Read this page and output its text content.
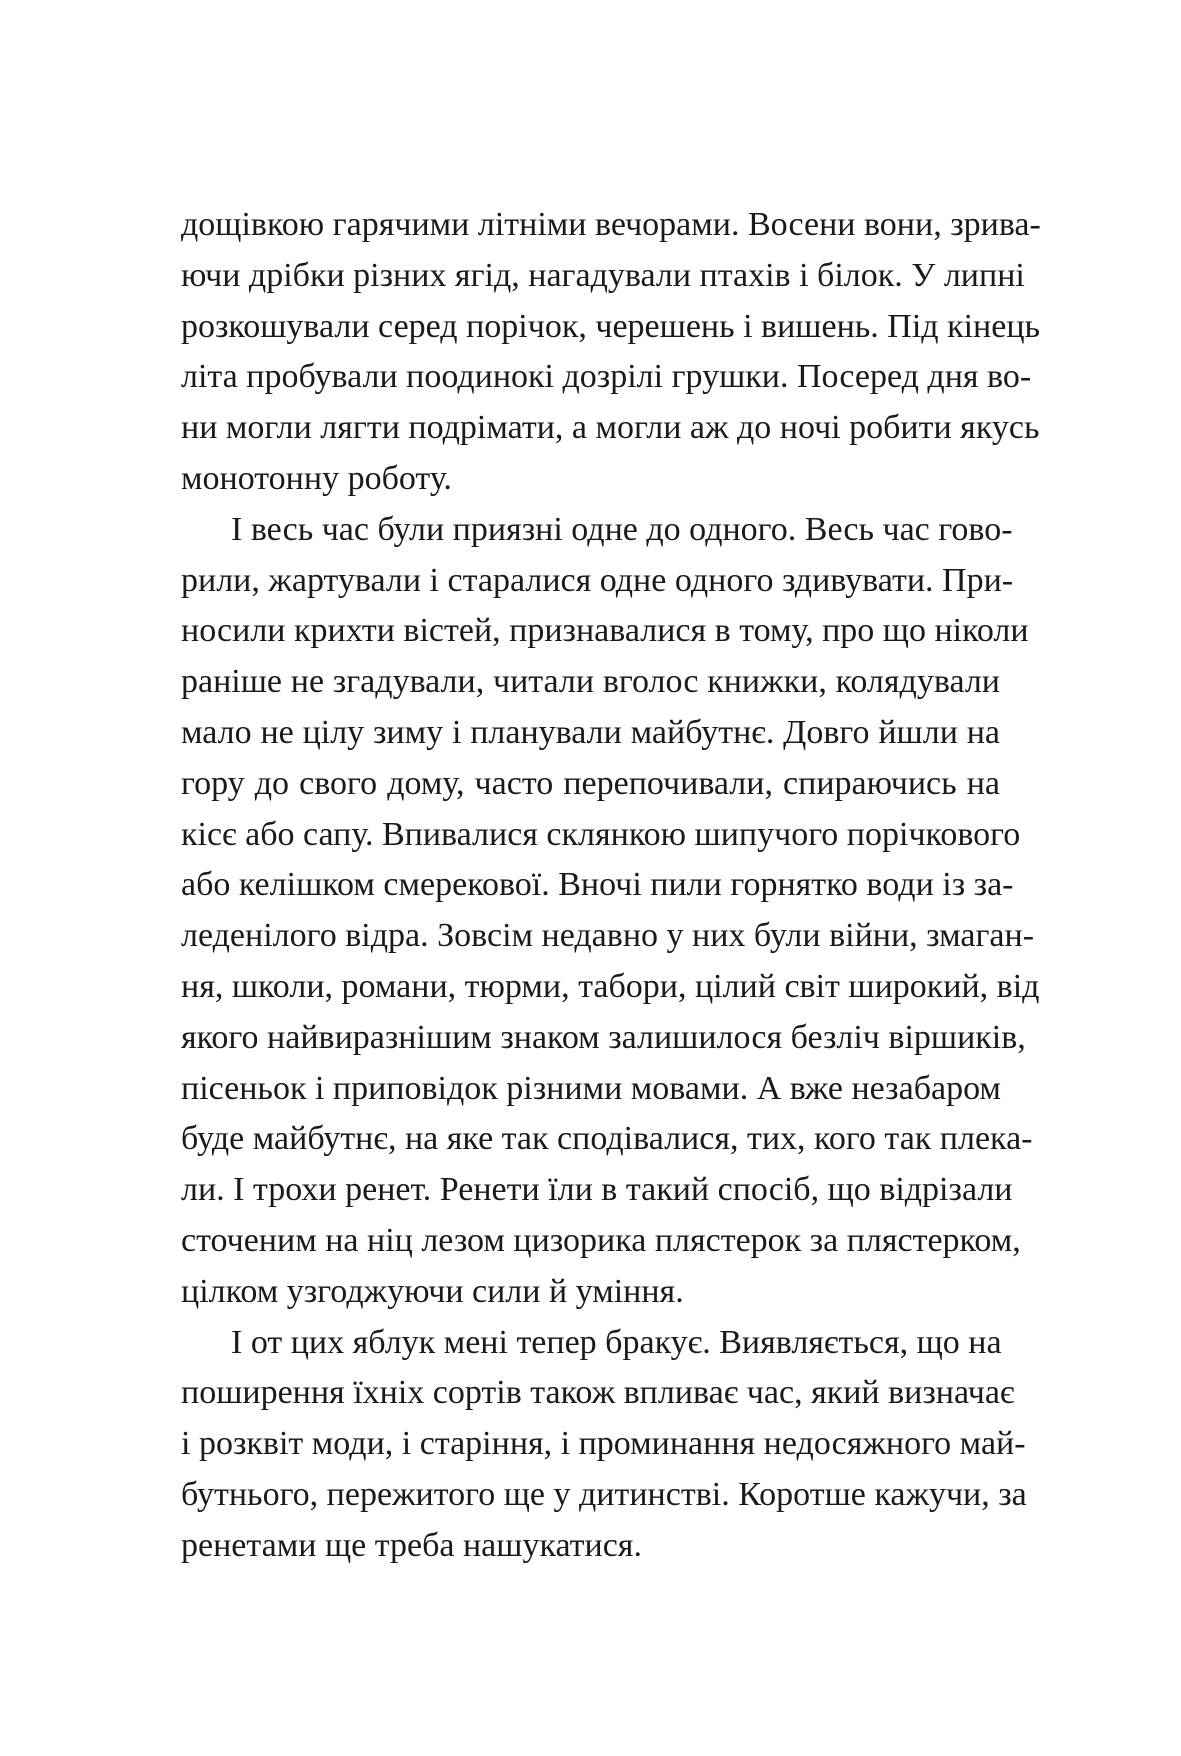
дощівкою гарячими літніми вечорами. Восени вони, зрива-
ючи дрібки різних ягід, нагадували птахів і білок. У липні
розкошували серед порічок, черешень і вишень. Під кінець
літа пробували поодинокі дозрілі грушки. Посеред дня во-
ни могли лягти подрімати, а могли аж до ночі робити якусь
монотонну роботу.
І весь час були приязні одне до одного. Весь час гово-
рили, жартували і старалися одне одного здивувати. При-
носили крихти вістей, признавалися в тому, про що ніколи
раніше не згадували, читали вголос книжки, колядували
мало не цілу зиму і планували майбутнє. Довго йшли на
гору до свого дому, часто перепочивали, спираючись на
кісє або сапу. Впивалися склянкою шипучого порічкового
або келішком смерекової. Вночі пили горнятко води із за-
леденілого відра. Зовсім недавно у них були війни, змаган-
ня, школи, романи, тюрми, табори, цілий світ широкий, від
якого найвиразнішим знаком залишилося безліч віршиків,
пісеньок і приповідок різними мовами. А вже незабаром
буде майбутнє, на яке так сподівалися, тих, кого так плека-
ли. І трохи ренет. Ренети їли в такий спосіб, що відрізали
сточеним на ніц лезом цизорика плястерок за плястерком,
цілком узгоджуючи сили й уміння.
І от цих яблук мені тепер бракує. Виявляється, що на
поширення їхніх сортів також впливає час, який визначає
і розквіт моди, і старіння, і проминання недосяжного май-
бутнього, пережитого ще у дитинстві. Коротше кажучи, за
ренетами ще треба нашукатися.
